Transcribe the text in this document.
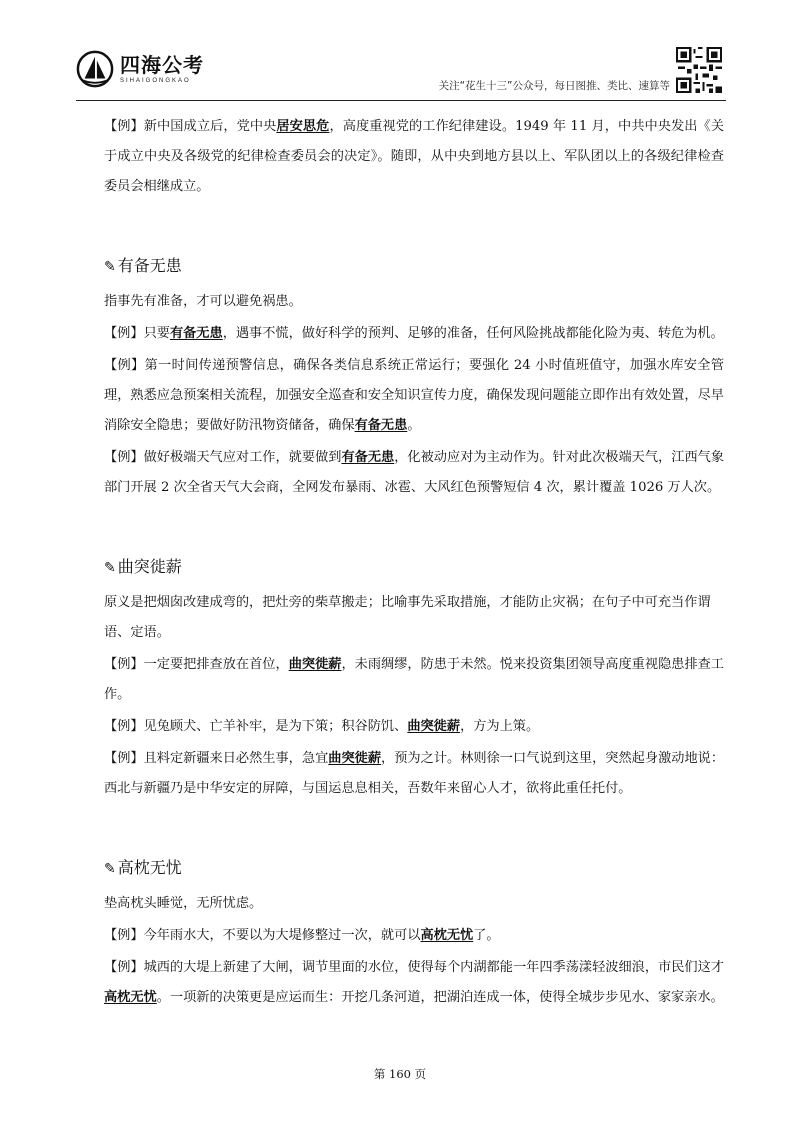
四海公考
SIHAIGONGKAO	关注“花生十三”公众号，每日图推、类比、速算等

【例】新中国成立后，党中央居安思危，高度重视党的工作纪律建设。1949 年 11 月，中共中央发出《关于成立中央及各级党的纪律检查委员会的决定》。随即，从中央到地方县以上、军队团以上的各级纪律检查委员会相继成立。

✎ 有备无患

指事先有准备，才可以避免祸患。

【例】只要有备无患，遇事不慌，做好科学的预判、足够的准备，任何风险挑战都能化险为夷、转危为机。

【例】第一时间传递预警信息，确保各类信息系统正常运行；要强化 24 小时值班值守，加强水库安全管理，熟悉应急预案相关流程，加强安全巡查和安全知识宣传力度，确保发现问题能立即作出有效处置，尽早消除安全隐患；要做好防汛物资储备，确保有备无患。

【例】做好极端天气应对工作，就要做到有备无患，化被动应对为主动作为。针对此次极端天气，江西气象部门开展 2 次全省天气大会商，全网发布暴雨、冰雹、大风红色预警短信 4 次，累计覆盖 1026 万人次。

✎ 曲突徙薪

原义是把烟囱改建成弯的，把灶旁的柴草搬走；比喻事先采取措施，才能防止灾祸；在句子中可充当作谓语、定语。

【例】一定要把排查放在首位，曲突徙薪，未雨绸缪，防患于未然。悦来投资集团领导高度重视隐患排查工作。

【例】见兔顾犬、亡羊补牢，是为下策；积谷防饥、曲突徙薪，方为上策。

【例】且料定新疆来日必然生事，急宜曲突徙薪，预为之计。林则徐一口气说到这里，突然起身激动地说：西北与新疆乃是中华安定的屏障，与国运息息相关，吾数年来留心人才，欲将此重任托付。

✎ 高枕无忧

垫高枕头睡觉，无所忧虑。

【例】今年雨水大，不要以为大堤修整过一次，就可以高枕无忧了。

【例】城西的大堤上新建了大闸，调节里面的水位，使得每个内湖都能一年四季荡漾轻波细浪，市民们这才高枕无忧。一项新的决策更是应运而生：开挖几条河道，把湖泊连成一体，使得全城步步见水、家家亲水。

第 160 页
